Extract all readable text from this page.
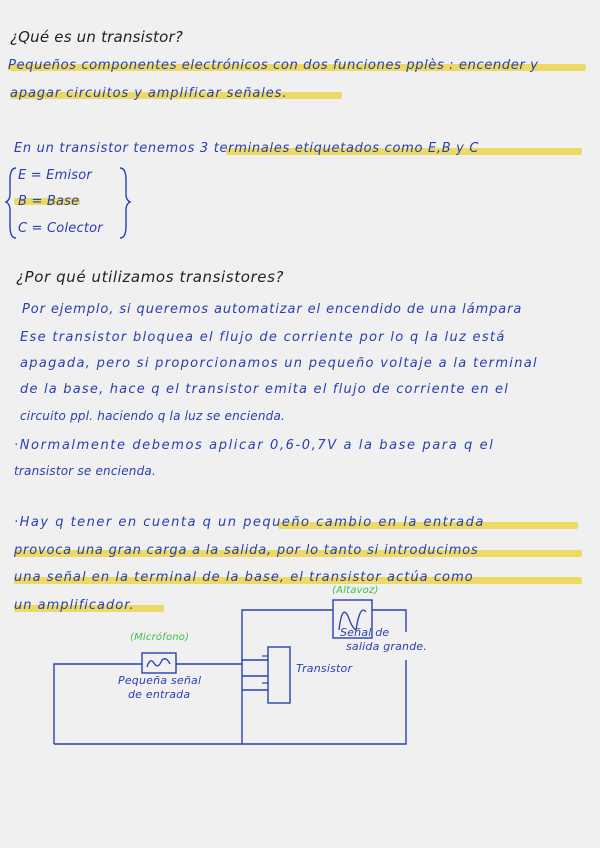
¿Qué es un transistor?
Pequeños componentes electrónicos con dos funciones pplès : encender y
apagar circuitos y amplificar señales.
En un transistor tenemos 3 terminales etiquetados como E,B y C
E = Emisor
B = Base
C = Colector
¿Por qué utilizamos transistores?
Por ejemplo, si queremos automatizar el encendido de una lámpara
Ese transistor bloquea el flujo de corriente por lo q la luz está
apagada, pero si proporcionamos un pequeño voltaje a la terminal
de la base, hace q el transistor emita el flujo de corriente en el
circuito ppl. haciendo q la luz se encienda.
·Normalmente debemos aplicar 0,6-0,7V a la base para q el
transistor se encienda.
·Hay q tener en cuenta q un pequeño cambio en la entrada
provoca una gran carga a la salida, por lo tanto si introducimos
una señal en la terminal de la base, el transistor actúa como
un amplificador.
(Altavoz)
Señal de
salida grande.
(Micrófono)
Pequeña señal
de entrada
Transistor
